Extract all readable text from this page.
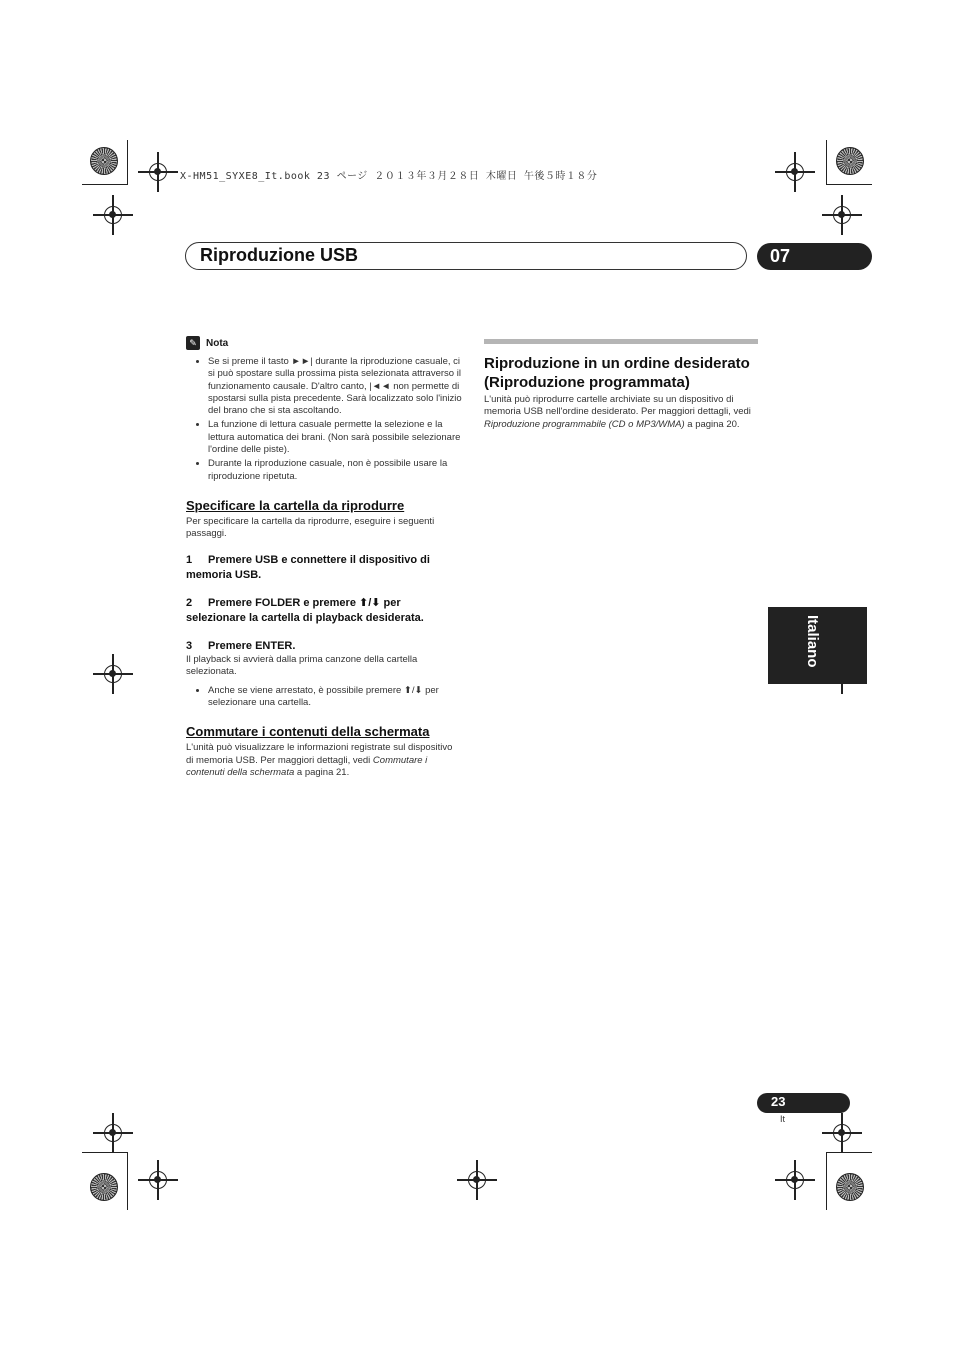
X-HM51_SYXE8_It.book 23 ページ ２０１３年３月２８日 木曜日 午後５時１８分
Riproduzione USB	07
Italiano
✎ Nota
• Se si preme il tasto ►►| durante la riproduzione casuale, ci si può spostare sulla prossima pista selezionata attraverso il funzionamento causale. D'altro canto, |◄◄ non permette di spostarsi sulla pista precedente. Sarà localizzato solo l'inizio del brano che si sta ascoltando.
• La funzione di lettura casuale permette la selezione e la lettura automatica dei brani. (Non sarà possibile selezionare l'ordine delle piste).
• Durante la riproduzione casuale, non è possibile usare la riproduzione ripetuta.
Specificare la cartella da riprodurre

Per specificare la cartella da riprodurre, eseguire i seguenti passaggi.

1 Premere USB e connettere il dispositivo di memoria USB.

2 Premere FOLDER e premere ⬆/⬇ per selezionare la cartella di playback desiderata.

3 Premere ENTER.

Il playback si avvierà dalla prima canzone della cartella selezionata.

• Anche se viene arrestato, è possibile premere ⬆/⬇ per selezionare una cartella.
Commutare i contenuti della schermata

L'unità può visualizzare le informazioni registrate sul dispositivo di memoria USB. Per maggiori dettagli, vedi Commutare i contenuti della schermata a pagina 21.

Riproduzione in un ordine desiderato (Riproduzione programmata)

L'unità può riprodurre cartelle archiviate su un dispositivo di memoria USB nell'ordine desiderato. Per maggiori dettagli, vedi Riproduzione programmabile (CD o MP3/WMA) a pagina 20.

23
It
